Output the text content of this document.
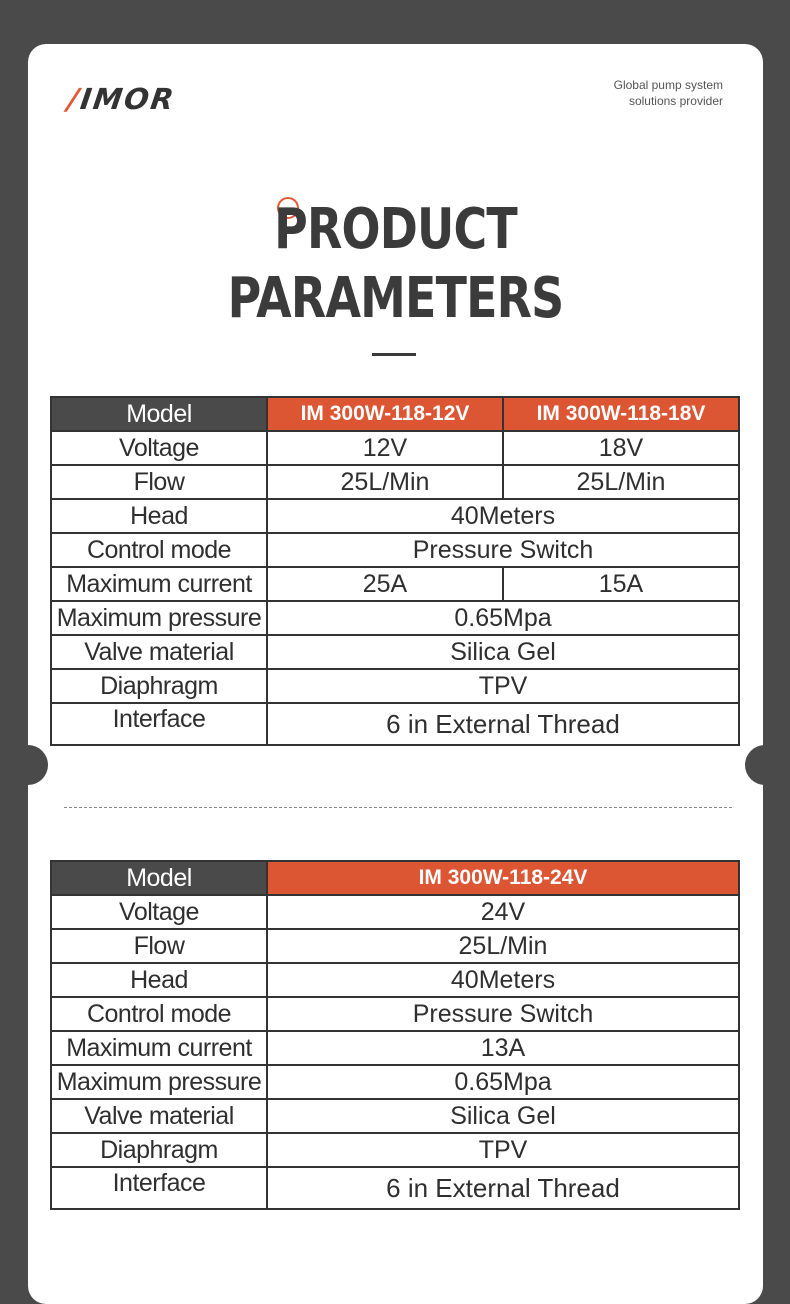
/IMOR	Global pump system
solutions provider
PRODUCT
PARAMETERS
Model	IM 300W-118-12V	IM 300W-118-18V
Voltage	12V	18V
Flow	25L/Min	25L/Min
Head	40Meters	
Control mode	Pressure Switch	
Maximum current	25A	15A
Maximum pressure	0.65Mpa	
Valve material	Silica Gel	
Diaphragm	TPV	
Interface	6 in External Thread	
Model	IM 300W-118-24V
Voltage	24V
Flow	25L/Min
Head	40Meters
Control mode	Pressure Switch
Maximum current	13A
Maximum pressure	0.65Mpa
Valve material	Silica Gel
Diaphragm	TPV
Interface	6 in External Thread
